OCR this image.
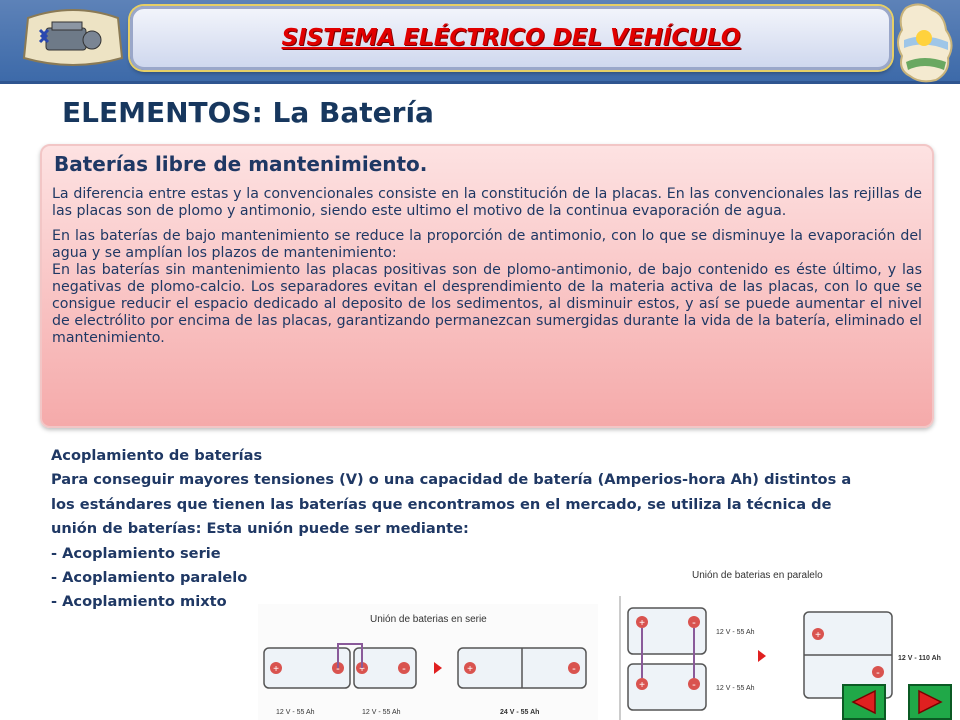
SISTEMA ELÉCTRICO DEL VEHÍCULO
ELEMENTOS: La Batería
Baterías libre de mantenimiento.

La diferencia entre estas y la convencionales consiste en la constitución de la placas. En las convencionales las rejillas de las placas son de plomo y antimonio, siendo este ultimo el motivo de la continua evaporación de agua.

En las baterías de bajo mantenimiento se reduce la proporción de antimonio, con lo que se disminuye la evaporación del agua y se amplían los plazos de mantenimiento:

En las baterías sin mantenimiento las placas positivas son de plomo-antimonio, de bajo contenido es éste último, y las negativas de plomo-calcio. Los separadores evitan el desprendimiento de la materia activa de las placas, con lo que se consigue reducir el espacio dedicado al deposito de los sedimentos, al disminuir estos, y así se puede aumentar el nivel de electrólito por encima de las placas, garantizando permanezcan sumergidas durante la vida de la batería, eliminado el mantenimiento.

Acoplamiento de baterías
Para conseguir mayores tensiones (V) o una capacidad de batería (Amperios-hora Ah) distintos a
los estándares que tienen las baterías que encontramos en el mercado, se utiliza la técnica de
unión de baterías: Esta unión puede ser mediante:
- Acoplamiento serie
- Acoplamiento paralelo
- Acoplamiento mixto
Unión de baterias en serie
+	- +	-	+	-
12 V - 55 Ah	12 V - 55 Ah	24 V - 55 Ah
Unión de baterias en paralelo
+	-
+	-
12 V - 55 Ah
12 V - 55 Ah
+
-
12 V - 110 Ah
